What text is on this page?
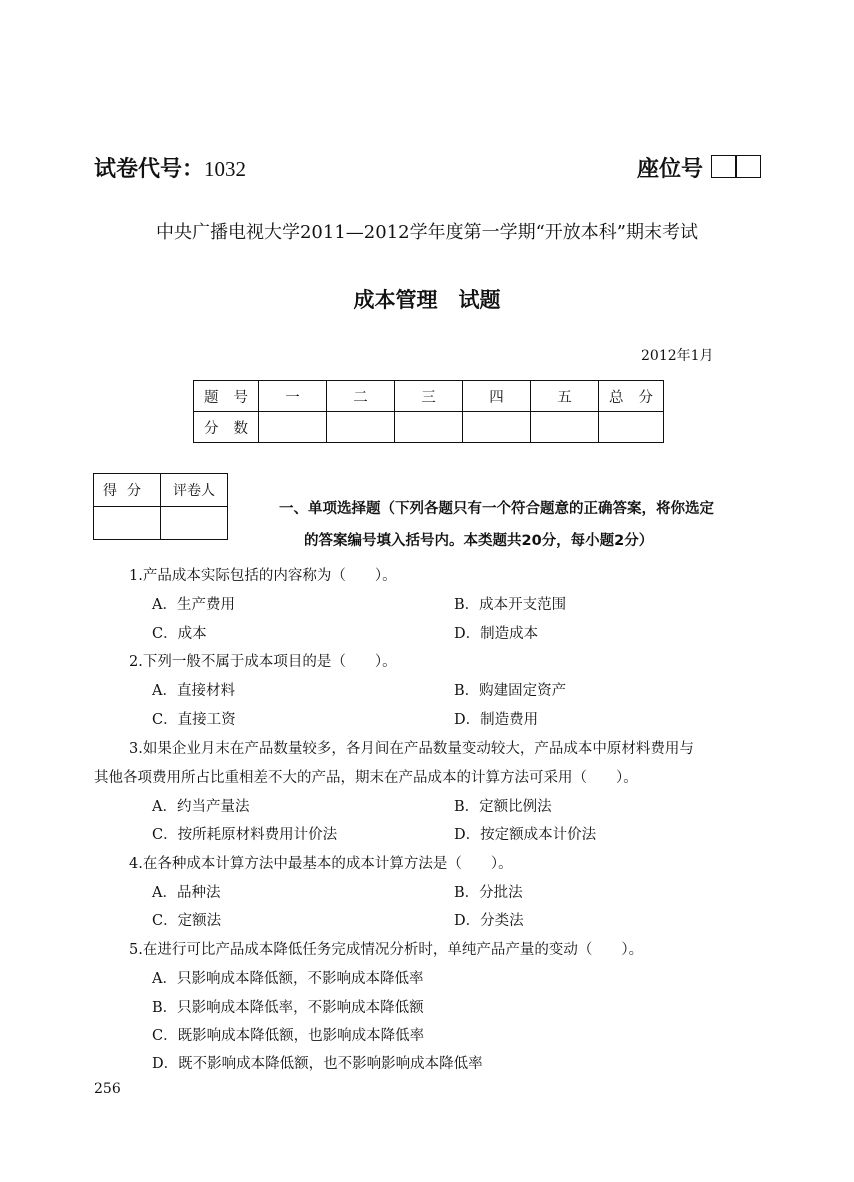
试卷代号：1032	座位号
中央广播电视大学2011—2012学年度第一学期“开放本科”期末考试
成本管理　试题
2012年1月
题号	一	二	三	四	五	总分
分数						
得分	评卷人

一、单项选择题（下列各题只有一个符合题意的正确答案，将你选定
的答案编号填入括号内。本类题共20分，每小题2分）
1.产品成本实际包括的内容称为（　　）。
A．生产费用	B．成本开支范围
C．成本	D．制造成本
2.下列一般不属于成本项目的是（　　）。
A．直接材料	B．购建固定资产
C．直接工资	D．制造费用
3.如果企业月末在产品数量较多，各月间在产品数量变动较大，产品成本中原材料费用与
其他各项费用所占比重相差不大的产品，期末在产品成本的计算方法可采用（　　）。
A．约当产量法	B．定额比例法
C．按所耗原材料费用计价法	D．按定额成本计价法
4.在各种成本计算方法中最基本的成本计算方法是（　　）。
A．品种法	B．分批法
C．定额法	D．分类法
5.在进行可比产品成本降低任务完成情况分析时，单纯产品产量的变动（　　）。
A．只影响成本降低额，不影响成本降低率
B．只影响成本降低率，不影响成本降低额
C．既影响成本降低额，也影响成本降低率
D．既不影响成本降低额，也不影响影响成本降低率
256
